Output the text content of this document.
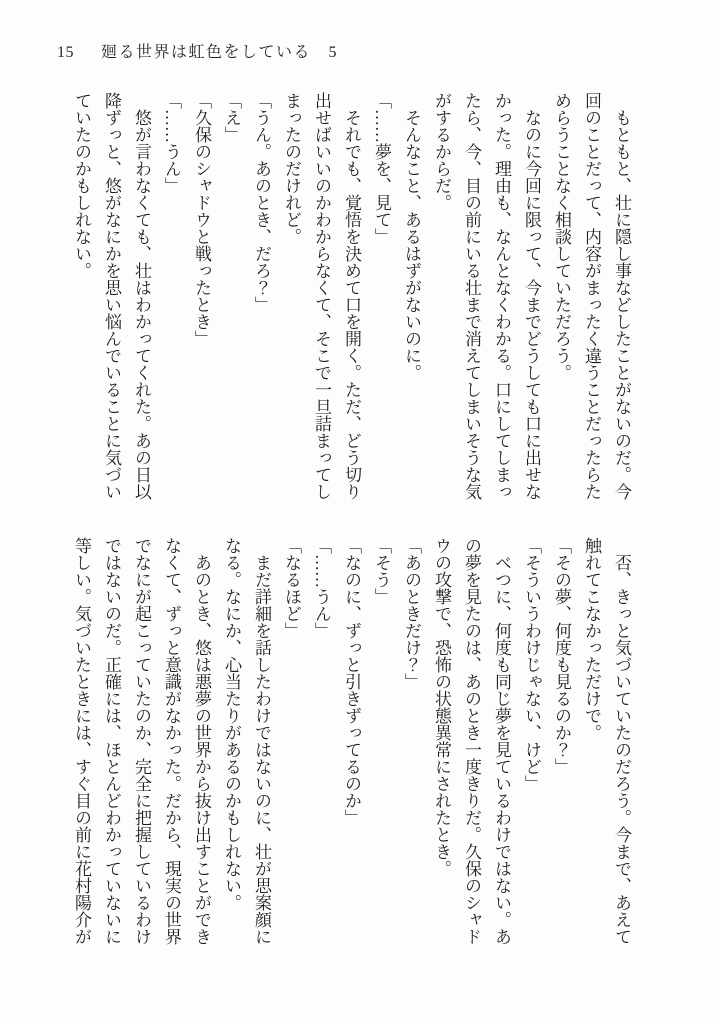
15 廻る世界は虹色をしている　5

もともと、壮に隠し事などしたことがないのだ。今回のことだって、内容がまったく違うことだったらためらうことなく相談していただろう。

なのに今回に限って、今までどうしても口に出せなかった。理由も、なんとなくわかる。口にしてしまったら、今、目の前にいる壮まで消えてしまいそうな気がするからだ。

そんなこと、あるはずがないのに。

「……夢を、見て」

それでも、覚悟を決めて口を開く。ただ、どう切り出せばいいのかわからなくて、そこで一旦詰まってしまったのだけれど。

「うん。あのとき、だろ？」

「え」

「久保のシャドウと戦ったとき」

「……うん」

悠が言わなくても、壮はわかってくれた。あの日以降ずっと、悠がなにかを思い悩んでいることに気づいていたのかもしれない。

否、きっと気づいていたのだろう。今まで、あえて触れてこなかっただけで。

「その夢、何度も見るのか？」

「そういうわけじゃない、けど」

べつに、何度も同じ夢を見ているわけではない。あの夢を見たのは、あのとき一度きりだ。久保のシャドウの攻撃で、恐怖の状態異常にされたとき。

「あのときだけ？」

「そう」

「なのに、ずっと引きずってるのか」

「……うん」

「なるほど」

まだ詳細を話したわけではないのに、壮が思案顔になる。なにか、心当たりがあるのかもしれない。

あのとき、悠は悪夢の世界から抜け出すことができなくて、ずっと意識がなかった。だから、現実の世界でなにが起こっていたのか、完全に把握しているわけではないのだ。正確には、ほとんどわかっていないに等しい。気づいたときには、すぐ目の前に花村陽介が
